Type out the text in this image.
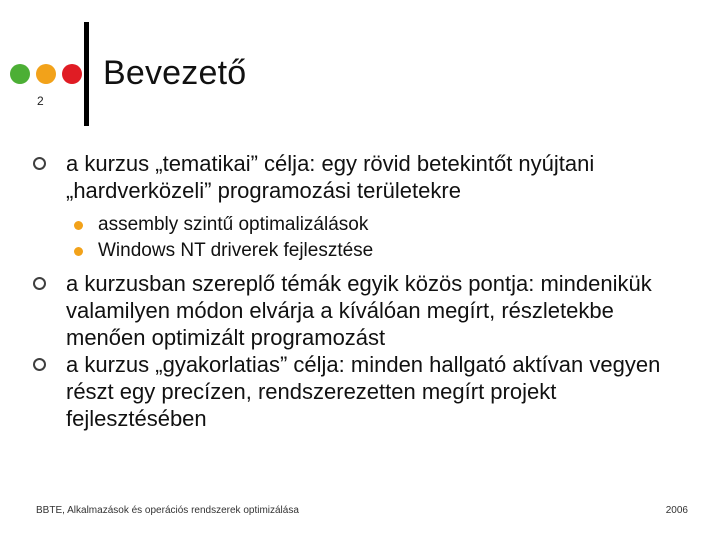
2
Bevezető

a kurzus „tematikai” célja: egy rövid betekintőt nyújtani „hardverközeli” programozási területekre

assembly szintű optimalizálások
Windows NT driverek fejlesztése

a kurzusban szereplő témák egyik közös pontja: mindenikük valamilyen módon elvárja a kíválóan megírt, részletekbe menően optimizált programozást

a kurzus „gyakorlatias” célja: minden hallgató aktívan vegyen részt egy precízen, rendszerezetten megírt projekt fejlesztésében

BBTE, Alkalmazások és operációs rendszerek optimizálása	2006
